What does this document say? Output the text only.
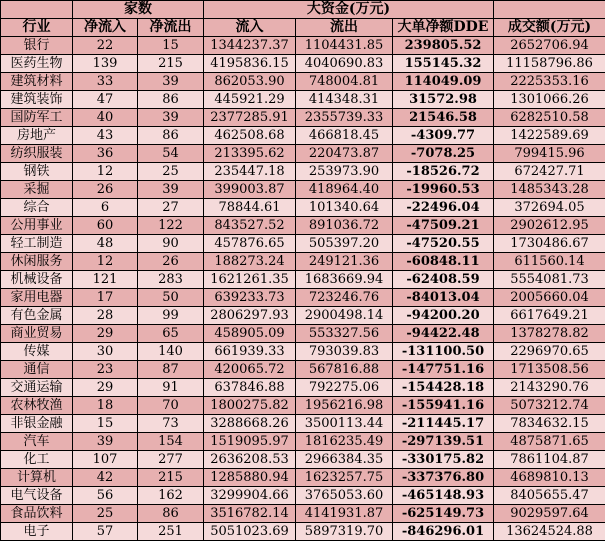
	家数		大资金(万元)			
行业	净流入	净流出	流入	流出	大单净额DDE	成交额(万元)
银行	22	15	1344237.37	1104431.85	239805.52	2652706.94
医药生物	139	215	4195836.15	4040690.83	155145.32	11158796.86
建筑材料	33	39	862053.90	748004.81	114049.09	2225353.16
建筑装饰	47	86	445921.29	414348.31	31572.98	1301066.26
国防军工	40	39	2377285.91	2355739.33	21546.58	6282510.58
房地产	43	86	462508.68	466818.45	-4309.77	1422589.69
纺织服装	36	54	213395.62	220473.87	-7078.25	799415.96
钢铁	12	25	235447.18	253973.90	-18526.72	672427.71
采掘	26	39	399003.87	418964.40	-19960.53	1485343.28
综合	6	27	78844.61	101340.64	-22496.04	372694.05
公用事业	60	122	843527.52	891036.72	-47509.21	2902612.95
轻工制造	48	90	457876.65	505397.20	-47520.55	1730486.67
休闲服务	12	26	188273.24	249121.36	-60848.11	611560.14
机械设备	121	283	1621261.35	1683669.94	-62408.59	5554081.73
家用电器	17	50	639233.73	723246.76	-84013.04	2005660.04
有色金属	28	99	2806297.93	2900498.14	-94200.20	6617649.21
商业贸易	29	65	458905.09	553327.56	-94422.48	1378278.82
传媒	30	140	661939.33	793039.83	-131100.50	2296970.65
通信	23	87	420065.72	567816.88	-147751.16	1713508.56
交通运输	29	91	637846.88	792275.06	-154428.18	2143290.76
农林牧渔	18	70	1800275.82	1956216.98	-155941.16	5073212.74
非银金融	15	73	3288668.26	3500113.44	-211445.17	7834632.15
汽车	39	154	1519095.97	1816235.49	-297139.51	4875871.65
化工	107	277	2636208.53	2966384.35	-330175.82	7861104.87
计算机	42	215	1285880.94	1623257.75	-337376.80	4689810.13
电气设备	56	162	3299904.66	3765053.60	-465148.93	8405655.47
食品饮料	25	86	3516782.14	4141931.87	-625149.73	9029597.64
电子	57	251	5051023.69	5897319.70	-846296.01	13624524.88
